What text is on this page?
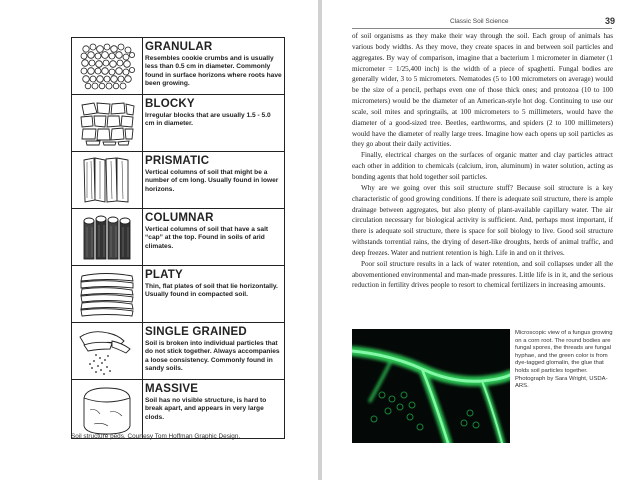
GRANULAR
Resembles cookie crumbs and is usually less than 0.5 cm in diameter. Commonly found in surface horizons where roots have been growing.
BLOCKY
Irregular blocks that are usually 1.5 - 5.0 cm in diameter.
PRISMATIC
Vertical columns of soil that might be a number of cm long. Usually found in lower horizons.
COLUMNAR
Vertical columns of soil that have a salt “cap” at the top. Found in soils of arid climates.
PLATY
Thin, flat plates of soil that lie horizontally. Usually found in compacted soil.
SINGLE GRAINED
Soil is broken into individual particles that do not stick together. Always accompanies a loose consistency. Commonly found in sandy soils.
MASSIVE
Soil has no visible structure, is hard to break apart, and appears in very large clods.
Soil structure peds. Courtesy Tom Hoffman Graphic Design.
Classic Soil Science	39

of soil organisms as they make their way through the soil. Each group of animals has various body widths. As they move, they create spaces in and between soil particles and aggregates. By way of comparison, imagine that a bacterium 1 micrometer in diameter (1 micrometer = 1/25,400 inch) is the width of a piece of spaghetti. Fungal bodies are generally wider, 3 to 5 micrometers. Nematodes (5 to 100 micrometers on average) would be the size of a pencil, perhaps even one of those thick ones; and protozoa (10 to 100 micrometers) would be the diameter of an American-style hot dog. Continuing to use our scale, soil mites and springtails, at 100 micrometers to 5 millimeters, would have the diameter of a good-sized tree. Beetles, earthworms, and spiders (2 to 100 millimeters) would have the diameter of really large trees. Imagine how each opens up soil particles as they go about their daily activities.

Finally, electrical charges on the surfaces of organic matter and clay particles attract each other in addition to chemicals (calcium, iron, aluminum) in water solution, acting as bonding agents that hold together soil particles.

Why are we going over this soil structure stuff? Because soil structure is a key characteristic of good growing conditions. If there is adequate soil structure, there is ample drainage between aggregates, but also plenty of plant-available capillary water. The air circulation necessary for biological activity is sufficient. And, perhaps most important, if there is adequate soil structure, there is space for soil biology to live. Good soil structure withstands torrential rains, the drying of desert-like droughts, herds of animal traffic, and deep freezes. Water and nutrient retention is high. Life in and on it thrives.

Poor soil structure results in a lack of water retention, and soil collapses under all the abovementioned environmental and man-made pressures. Little life is in it, and the serious reduction in fertility drives people to resort to chemical fertilizers in increasing amounts.

Microscopic view of a fungus growing on a corn root. The round bodies are fungal spores, the threads are fungal hyphae, and the green color is from dye-tagged glomalin, the glue that holds soil particles together. Photograph by Sara Wright, USDA-ARS.
